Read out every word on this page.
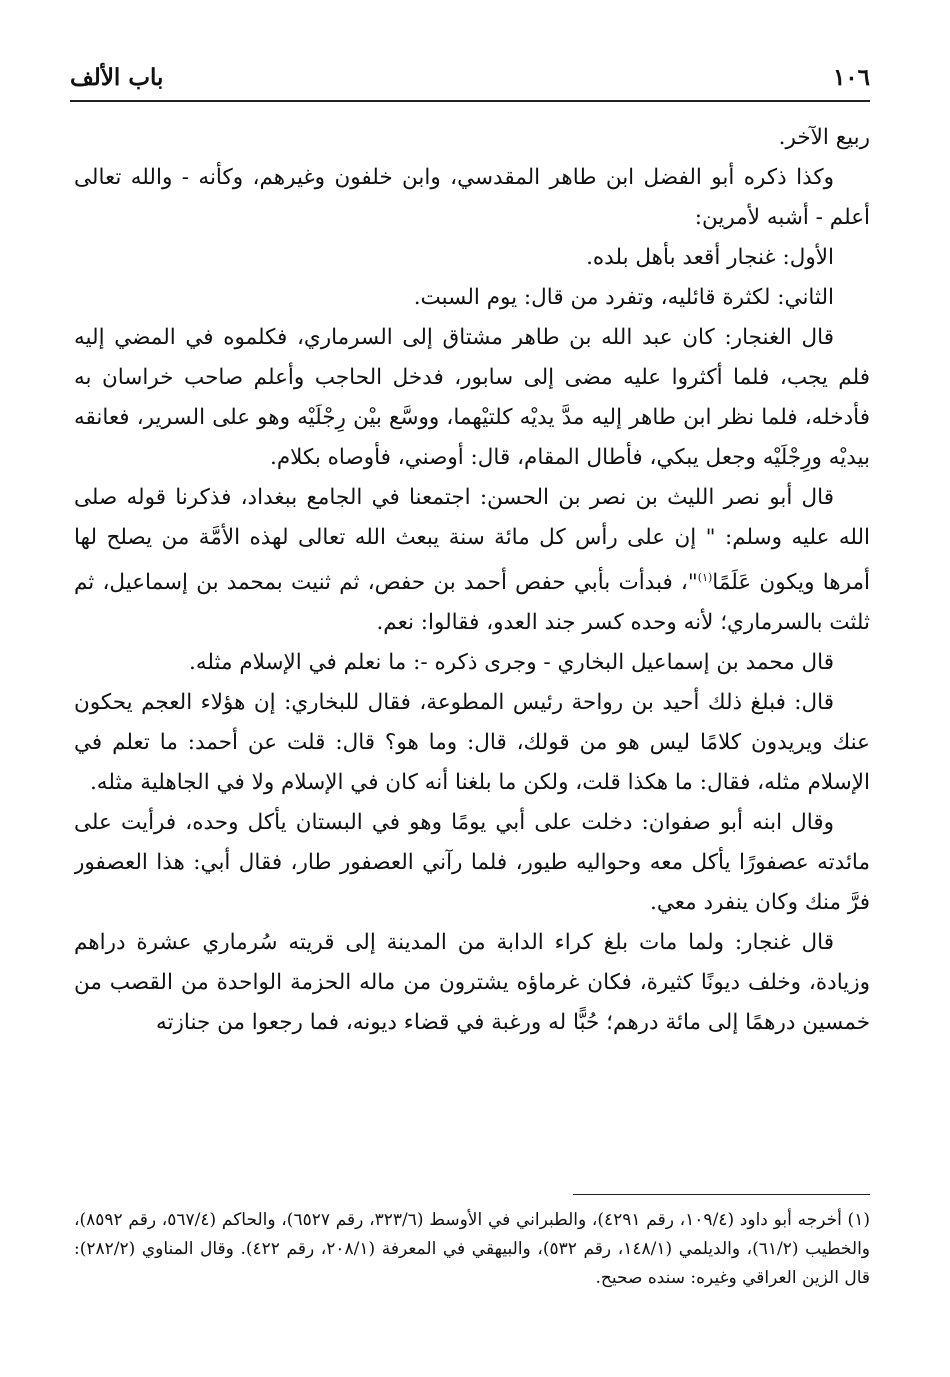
١٠٦
باب الألف

ربيع الآخر.

وكذا ذكره أبو الفضل ابن طاهر المقدسي، وابن خلفون وغيرهم، وكأنه - والله تعالى أعلم - أشبه لأمرين:

الأول: غنجار أقعد بأهل بلده.

الثاني: لكثرة قائليه، وتفرد من قال: يوم السبت.

قال الغنجار: كان عبد الله بن طاهر مشتاق إلى السرماري، فكلموه في المضي إليه فلم يجب، فلما أكثروا عليه مضى إلى سابور، فدخل الحاجب وأعلم صاحب خراسان به فأدخله، فلما نظر ابن طاهر إليه مدَّ يديْه كلتيْهما، ووسَّع بيْن رِجْلَيْه وهو على السرير، فعانقه بيديْه ورِجْلَيْه وجعل يبكي، فأطال المقام، قال: أوصني، فأوصاه بكلام.

قال أبو نصر الليث بن نصر بن الحسن: اجتمعنا في الجامع ببغداد، فذكرنا قوله صلى الله عليه وسلم: " إن على رأس كل مائة سنة يبعث الله تعالى لهذه الأمَّة من يصلح لها أمرها ويكون عَلَمًا$^{(١)}$"، فبدأت بأبي حفص أحمد بن حفص، ثم ثنيت بمحمد بن إسماعيل، ثم ثلثت بالسرماري؛ لأنه وحده كسر جند العدو، فقالوا: نعم.

قال محمد بن إسماعيل البخاري - وجرى ذكره -: ما نعلم في الإسلام مثله.

قال: فبلغ ذلك أحيد بن رواحة رئيس المطوعة، فقال للبخاري: إن هؤلاء العجم يحكون عنك ويريدون كلامًا ليس هو من قولك، قال: وما هو؟ قال: قلت عن أحمد: ما تعلم في الإسلام مثله، فقال: ما هكذا قلت، ولكن ما بلغنا أنه كان في الإسلام ولا في الجاهلية مثله.

وقال ابنه أبو صفوان: دخلت على أبي يومًا وهو في البستان يأكل وحده، فرأيت على مائدته عصفورًا يأكل معه وحواليه طيور، فلما رآني العصفور طار، فقال أبي: هذا العصفور فرَّ منك وكان ينفرد معي.

قال غنجار: ولما مات بلغ كراء الدابة من المدينة إلى قريته سُرماري عشرة دراهم وزيادة، وخلف ديونًا كثيرة، فكان غرماؤه يشترون من ماله الحزمة الواحدة من القصب من خمسين درهمًا إلى مائة درهم؛ حُبًّا له ورغبة في قضاء ديونه، فما رجعوا من جنازته

(١) أخرجه أبو داود (١٠٩/٤، رقم ٤٢٩١)، والطبراني في الأوسط (٣٢٣/٦، رقم ٦٥٢٧)، والحاكم (٥٦٧/٤، رقم ٨٥٩٢)، والخطيب (٦١/٢)، والديلمي (١٤٨/١، رقم ٥٣٢)، والبيهقي في المعرفة (٢٠٨/١، رقم ٤٢٢). وقال المناوي (٢٨٢/٢): قال الزين العراقي وغيره: سنده صحيح.
